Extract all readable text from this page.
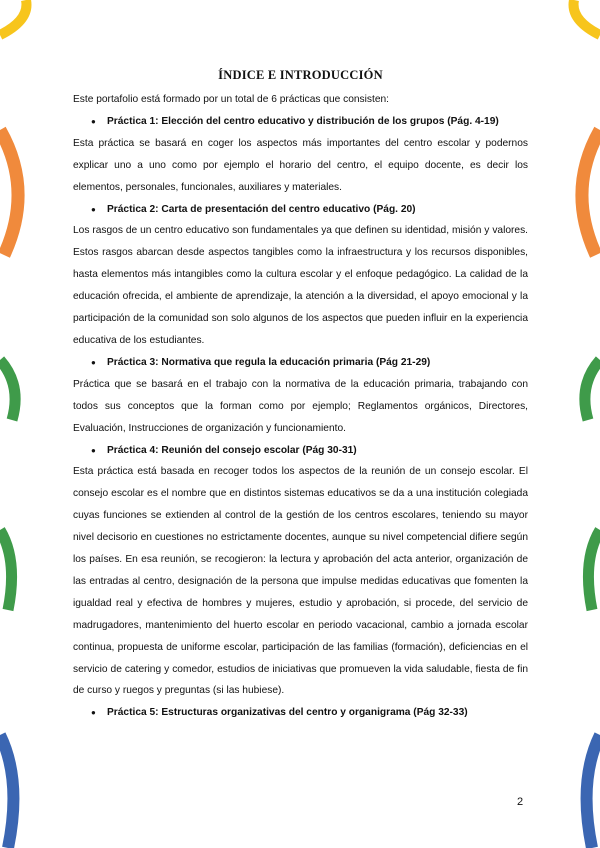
ÍNDICE E INTRODUCCIÓN

Este portafolio está formado por un total de 6 prácticas que consisten:

●	Práctica 1: Elección del centro educativo y distribución de los grupos (Pág. 4-19)

Esta práctica se basará en coger los aspectos más importantes del centro escolar y podernos explicar uno a uno como por ejemplo el horario del centro, el equipo docente, es decir los elementos, personales, funcionales, auxiliares y materiales.

●	Práctica 2: Carta de presentación del centro educativo (Pág. 20)

Los rasgos de un centro educativo son fundamentales ya que definen su identidad, misión y valores. Estos rasgos abarcan desde aspectos tangibles como la infraestructura y los recursos disponibles, hasta elementos más intangibles como la cultura escolar y el enfoque pedagógico. La calidad de la educación ofrecida, el ambiente de aprendizaje, la atención a la diversidad, el apoyo emocional y la participación de la comunidad son solo algunos de los aspectos que pueden influir en la experiencia educativa de los estudiantes.

●	Práctica 3: Normativa que regula la educación primaria (Pág 21-29)

Práctica que se basará en el trabajo con la normativa de la educación primaria, trabajando con todos sus conceptos que la forman como por ejemplo; Reglamentos orgánicos, Directores, Evaluación, Instrucciones de organización y funcionamiento.

●	Práctica 4: Reunión del consejo escolar (Pág 30-31)

Esta práctica está basada en recoger todos los aspectos de la reunión de un consejo escolar. El consejo escolar es el nombre que en distintos sistemas educativos se da a una institución colegiada cuyas funciones se extienden al control de la gestión de los centros escolares, teniendo su mayor nivel decisorio en cuestiones no estrictamente docentes, aunque su nivel competencial difiere según los países. En esa reunión, se recogieron: la lectura y aprobación del acta anterior, organización de las entradas al centro, designación de la persona que impulse medidas educativas que fomenten la igualdad real y efectiva de hombres y mujeres, estudio y aprobación, si procede, del servicio de madrugadores, mantenimiento del huerto escolar en periodo vacacional, cambio a jornada escolar continua, propuesta de uniforme escolar, participación de las familias (formación), deficiencias en el servicio de catering y comedor, estudios de iniciativas que promueven la vida saludable, fiesta de fin de curso y ruegos y preguntas (si las hubiese).

●	Práctica 5: Estructuras organizativas del centro y organigrama (Pág 32-33)
2
